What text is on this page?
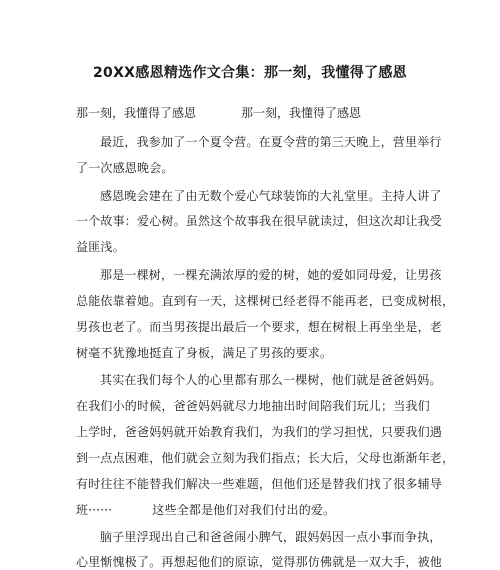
20XX感恩精选作文合集：那一刻，我懂得了感恩
那一刻，我懂得了感恩	那一刻，我懂得了感恩
最近，我参加了一个夏令营。在夏令营的第三天晚上，营里举行
了一次感恩晚会。
感恩晚会建在了由无数个爱心气球装饰的大礼堂里。主持人讲了
一个故事：爱心树。虽然这个故事我在很早就读过，但这次却让我受
益匪浅。
那是一棵树，一棵充满浓厚的爱的树，她的爱如同母爱，让男孩
总能依靠着她。直到有一天，这棵树已经老得不能再老，已变成树根，
男孩也老了。而当男孩提出最后一个要求，想在树根上再坐坐是，老
树毫不犹豫地挺直了身板，满足了男孩的要求。
其实在我们每个人的心里都有那么一棵树，他们就是爸爸妈妈。
在我们小的时候，爸爸妈妈就尽力地抽出时间陪我们玩儿；当我们
上学时，爸爸妈妈就开始教育我们，为我们的学习担忧，只要我们遇
到一点点困难，他们就会立刻为我们指点；长大后，父母也渐渐年老，
有时往往不能替我们解决一些难题，但他们还是替我们找了很多辅导
班······	这些全都是他们对我们付出的爱。
脑子里浮现出自己和爸爸闹小脾气，跟妈妈因一点小事而争执，
心里惭愧极了。再想起他们的原谅，觉得那仿佛就是一双大手，被他
